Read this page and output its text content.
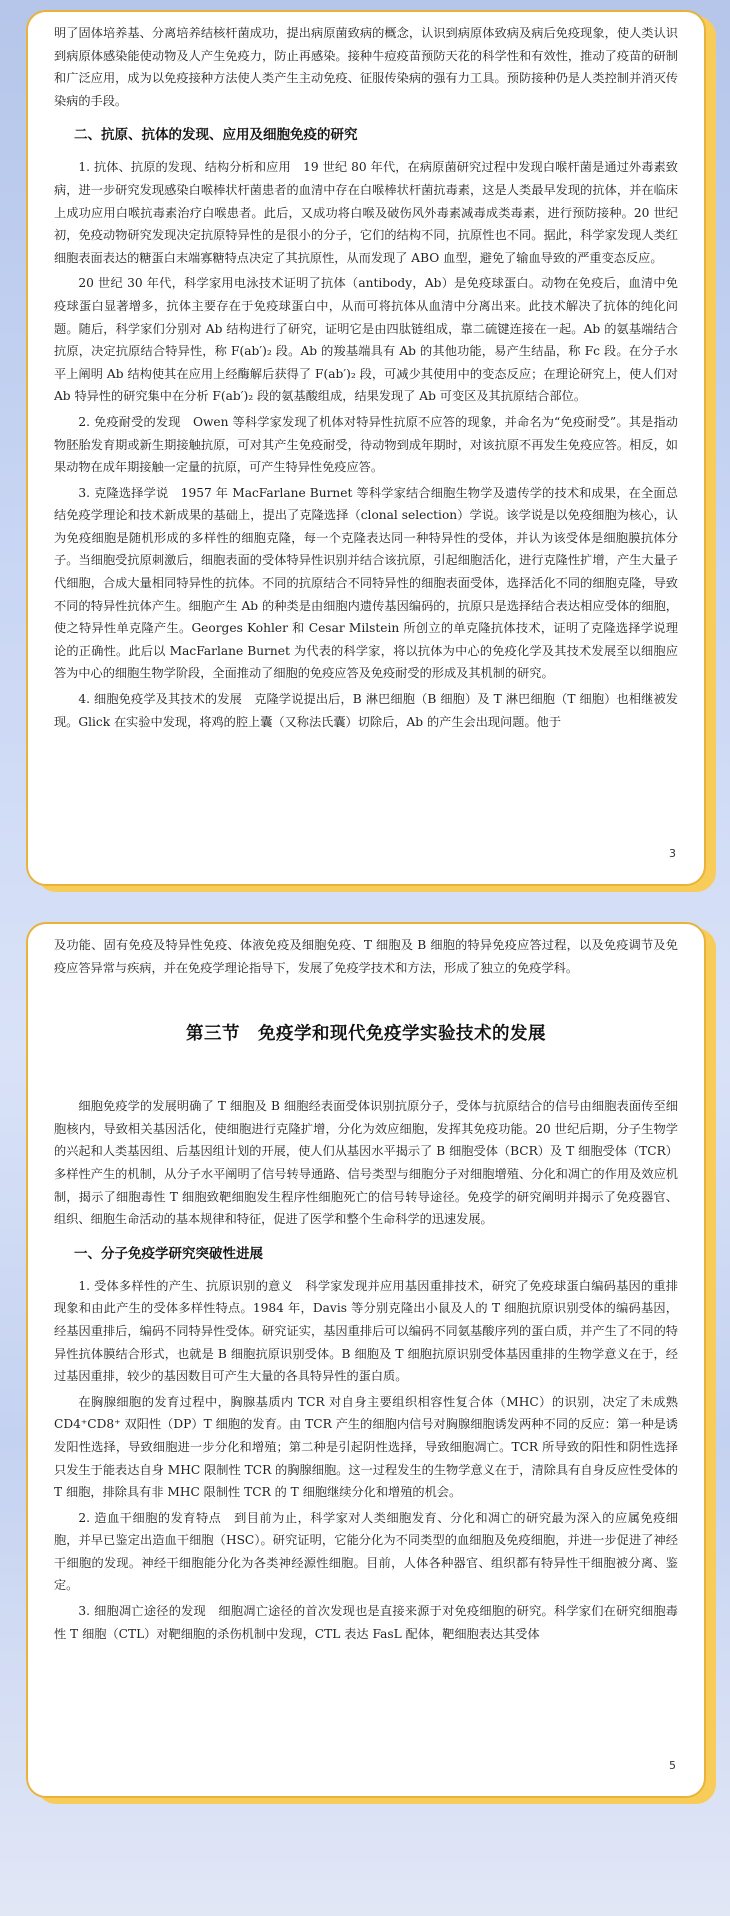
明了固体培养基、分离培养结核杆菌成功，提出病原菌致病的概念，认识到病原体致病及病后免疫现象，使人类认识到病原体感染能使动物及人产生免疫力，防止再感染。接种牛痘疫苗预防天花的科学性和有效性，推动了疫苗的研制和广泛应用，成为以免疫接种方法使人类产生主动免疫、征服传染病的强有力工具。预防接种仍是人类控制并消灭传染病的手段。

二、抗原、抗体的发现、应用及细胞免疫的研究

1. 抗体、抗原的发现、结构分析和应用　19 世纪 80 年代，在病原菌研究过程中发现白喉杆菌是通过外毒素致病，进一步研究发现感染白喉棒状杆菌患者的血清中存在白喉棒状杆菌抗毒素，这是人类最早发现的抗体，并在临床上成功应用白喉抗毒素治疗白喉患者。此后，又成功将白喉及破伤风外毒素减毒成类毒素，进行预防接种。20 世纪初，免疫动物研究发现决定抗原特异性的是很小的分子，它们的结构不同，抗原性也不同。据此，科学家发现人类红细胞表面表达的糖蛋白末端寡糖特点决定了其抗原性，从而发现了 ABO 血型，避免了输血导致的严重变态反应。

20 世纪 30 年代，科学家用电泳技术证明了抗体（antibody，Ab）是免疫球蛋白。动物在免疫后，血清中免疫球蛋白显著增多，抗体主要存在于免疫球蛋白中，从而可将抗体从血清中分离出来。此技术解决了抗体的纯化问题。随后，科学家们分别对 Ab 结构进行了研究，证明它是由四肽链组成，靠二硫键连接在一起。Ab 的氨基端结合抗原，决定抗原结合特异性，称 F(ab′)₂ 段。Ab 的羧基端具有 Ab 的其他功能，易产生结晶，称 Fc 段。在分子水平上阐明 Ab 结构使其在应用上经酶解后获得了 F(ab′)₂ 段，可减少其使用中的变态反应；在理论研究上，使人们对 Ab 特异性的研究集中在分析 F(ab′)₂ 段的氨基酸组成，结果发现了 Ab 可变区及其抗原结合部位。

2. 免疫耐受的发现　Owen 等科学家发现了机体对特异性抗原不应答的现象，并命名为“免疫耐受”。其是指动物胚胎发育期或新生期接触抗原，可对其产生免疫耐受，待动物到成年期时，对该抗原不再发生免疫应答。相反，如果动物在成年期接触一定量的抗原，可产生特异性免疫应答。

3. 克隆选择学说　1957 年 MacFarlane Burnet 等科学家结合细胞生物学及遗传学的技术和成果，在全面总结免疫学理论和技术新成果的基础上，提出了克隆选择（clonal selection）学说。该学说是以免疫细胞为核心，认为免疫细胞是随机形成的多样性的细胞克隆，每一个克隆表达同一种特异性的受体，并认为该受体是细胞膜抗体分子。当细胞受抗原刺激后，细胞表面的受体特异性识别并结合该抗原，引起细胞活化，进行克隆性扩增，产生大量子代细胞，合成大量相同特异性的抗体。不同的抗原结合不同特异性的细胞表面受体，选择活化不同的细胞克隆，导致不同的特异性抗体产生。细胞产生 Ab 的种类是由细胞内遗传基因编码的，抗原只是选择结合表达相应受体的细胞，使之特异性单克隆产生。Georges Kohler 和 Cesar Milstein 所创立的单克隆抗体技术，证明了克隆选择学说理论的正确性。此后以 MacFarlane Burnet 为代表的科学家，将以抗体为中心的免疫化学及其技术发展至以细胞应答为中心的细胞生物学阶段，全面推动了细胞的免疫应答及免疫耐受的形成及其机制的研究。

4. 细胞免疫学及其技术的发展　克隆学说提出后，B 淋巴细胞（B 细胞）及 T 淋巴细胞（T 细胞）也相继被发现。Glick 在实验中发现，将鸡的腔上囊（又称法氏囊）切除后，Ab 的产生会出现问题。他于

3

及功能、固有免疫及特异性免疫、体液免疫及细胞免疫、T 细胞及 B 细胞的特异免疫应答过程，以及免疫调节及免疫应答异常与疾病，并在免疫学理论指导下，发展了免疫学技术和方法，形成了独立的免疫学科。

第三节　免疫学和现代免疫学实验技术的发展

细胞免疫学的发展明确了 T 细胞及 B 细胞经表面受体识别抗原分子，受体与抗原结合的信号由细胞表面传至细胞核内，导致相关基因活化，使细胞进行克隆扩增，分化为效应细胞，发挥其免疫功能。20 世纪后期，分子生物学的兴起和人类基因组、后基因组计划的开展，使人们从基因水平揭示了 B 细胞受体（BCR）及 T 细胞受体（TCR）多样性产生的机制，从分子水平阐明了信号转导通路、信号类型与细胞分子对细胞增殖、分化和凋亡的作用及效应机制，揭示了细胞毒性 T 细胞致靶细胞发生程序性细胞死亡的信号转导途径。免疫学的研究阐明并揭示了免疫器官、组织、细胞生命活动的基本规律和特征，促进了医学和整个生命科学的迅速发展。

一、分子免疫学研究突破性进展

1. 受体多样性的产生、抗原识别的意义　科学家发现并应用基因重排技术，研究了免疫球蛋白编码基因的重排现象和由此产生的受体多样性特点。1984 年，Davis 等分别克隆出小鼠及人的 T 细胞抗原识别受体的编码基因，经基因重排后，编码不同特异性受体。研究证实，基因重排后可以编码不同氨基酸序列的蛋白质，并产生了不同的特异性抗体膜结合形式，也就是 B 细胞抗原识别受体。B 细胞及 T 细胞抗原识别受体基因重排的生物学意义在于，经过基因重排，较少的基因数目可产生大量的各具特异性的蛋白质。

在胸腺细胞的发育过程中，胸腺基质内 TCR 对自身主要组织相容性复合体（MHC）的识别，决定了未成熟 CD4⁺CD8⁺ 双阳性（DP）T 细胞的发育。由 TCR 产生的细胞内信号对胸腺细胞诱发两种不同的反应：第一种是诱发阳性选择，导致细胞进一步分化和增殖；第二种是引起阴性选择，导致细胞凋亡。TCR 所导致的阳性和阴性选择只发生于能表达自身 MHC 限制性 TCR 的胸腺细胞。这一过程发生的生物学意义在于，清除具有自身反应性受体的 T 细胞，排除具有非 MHC 限制性 TCR 的 T 细胞继续分化和增殖的机会。

2. 造血干细胞的发育特点　到目前为止，科学家对人类细胞发育、分化和凋亡的研究最为深入的应属免疫细胞，并早已鉴定出造血干细胞（HSC）。研究证明，它能分化为不同类型的血细胞及免疫细胞，并进一步促进了神经干细胞的发现。神经干细胞能分化为各类神经源性细胞。目前，人体各种器官、组织都有特异性干细胞被分离、鉴定。

3. 细胞凋亡途径的发现　细胞凋亡途径的首次发现也是直接来源于对免疫细胞的研究。科学家们在研究细胞毒性 T 细胞（CTL）对靶细胞的杀伤机制中发现，CTL 表达 FasL 配体，靶细胞表达其受体

5
